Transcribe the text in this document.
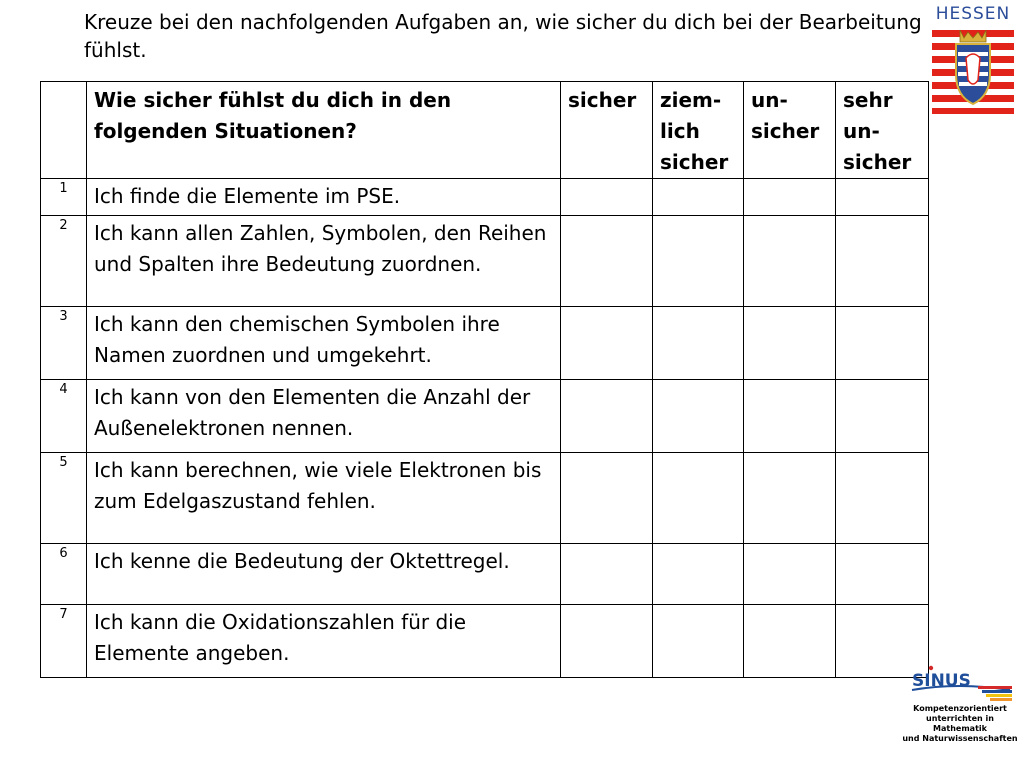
Kreuze bei den nachfolgenden Aufgaben an, wie sicher du dich bei der Bearbeitung fühlst.

HESSEN
	Wie sicher fühlst du dich in den folgenden Situationen?	sicher	ziem-lich sicher	un-sicher	sehr un-sicher
1	Ich finde die Elemente im PSE.				
2	Ich kann allen Zahlen, Symbolen, den Reihen und Spalten ihre Bedeutung zuordnen.				
3	Ich kann den chemischen Symbolen ihre Namen zuordnen und umgekehrt.				
4	Ich kann von den Elementen die Anzahl der Außenelektronen nennen.				
5	Ich kann berechnen, wie viele Elektronen bis zum Edelgaszustand fehlen.				
6	Ich kenne die Bedeutung der Oktettregel.				

7	Ich kann die Oxidationszahlen für die Elemente angeben.				
SINUS
Kompetenzorientiert
unterrichten in Mathematik
und Naturwissenschaften
